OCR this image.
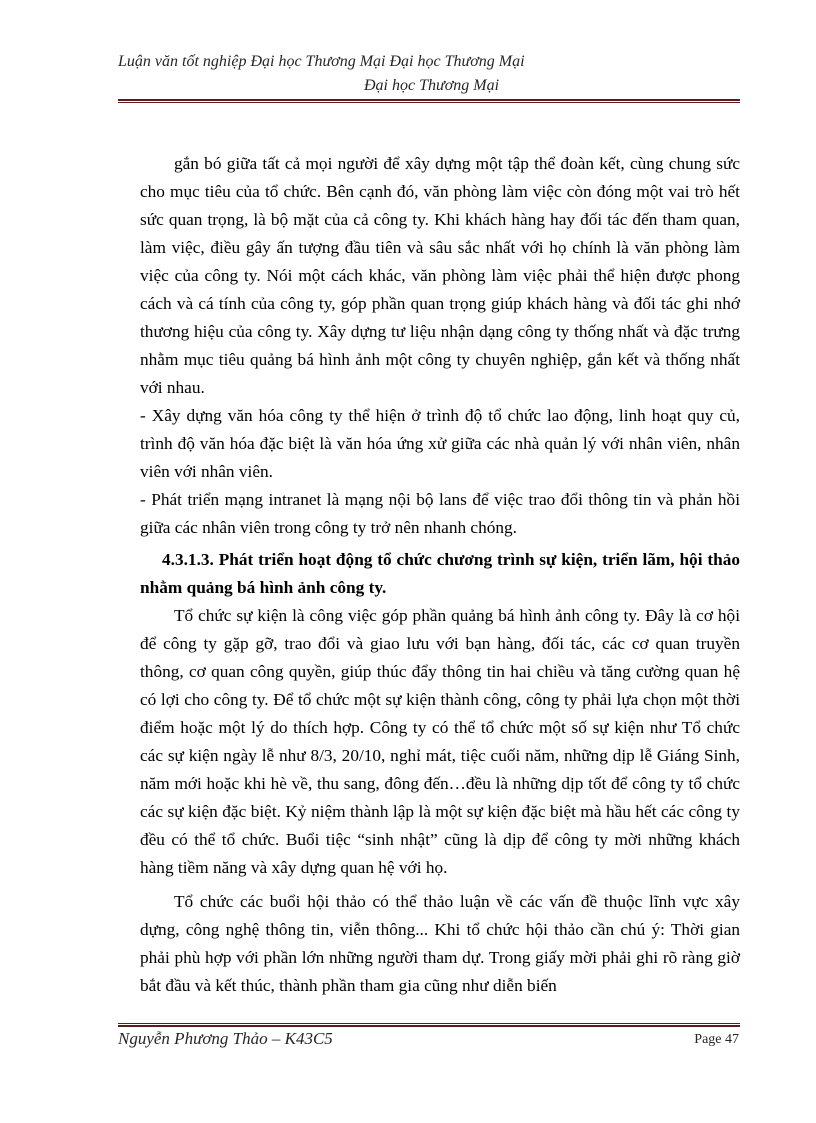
Luận văn tốt nghiệp Đại học Thương Mại Đại học Thương Mại
Đại học Thương Mại

gắn bó giữa tất cả mọi người để xây dựng một tập thể đoàn kết, cùng chung sức cho mục tiêu của tổ chức. Bên cạnh đó, văn phòng làm việc còn đóng một vai trò hết sức quan trọng, là bộ mặt của cả công ty. Khi khách hàng hay đối tác đến tham quan, làm việc, điều gây ấn tượng đầu tiên và sâu sắc nhất với họ chính là văn phòng làm việc của công ty. Nói một cách khác, văn phòng làm việc phải thể hiện được phong cách và cá tính của công ty, góp phần quan trọng giúp khách hàng và đối tác ghi nhớ thương hiệu của công ty. Xây dựng tư liệu nhận dạng công ty thống nhất và đặc trưng nhằm mục tiêu quảng bá hình ảnh một công ty chuyên nghiệp, gắn kết và thống nhất với nhau.

- Xây dựng văn hóa công ty thể hiện ở trình độ tổ chức lao động, linh hoạt quy củ, trình độ văn hóa đặc biệt là văn hóa ứng xử giữa các nhà quản lý với nhân viên, nhân viên với nhân viên.

- Phát triển mạng intranet là mạng nội bộ lans để việc trao đổi thông tin và phản hồi giữa các nhân viên trong công ty trở nên nhanh chóng.

4.3.1.3. Phát triển hoạt động tổ chức chương trình sự kiện, triển lãm, hội thảo nhằm quảng bá hình ảnh công ty.

Tổ chức sự kiện là công việc góp phần quảng bá hình ảnh công ty. Đây là cơ hội để công ty gặp gỡ, trao đổi và giao lưu với bạn hàng, đối tác, các cơ quan truyền thông, cơ quan công quyền, giúp thúc đẩy thông tin hai chiều và tăng cường quan hệ có lợi cho công ty. Để tổ chức một sự kiện thành công, công ty phải lựa chọn một thời điểm hoặc một lý do thích hợp. Công ty có thể tổ chức một số sự kiện như Tổ chức các sự kiện ngày lễ như 8/3, 20/10, nghỉ mát, tiệc cuối năm, những dịp lễ Giáng Sinh, năm mới hoặc khi hè về, thu sang, đông đến…đều là những dịp tốt để công ty tổ chức các sự kiện đặc biệt. Kỷ niệm thành lập là một sự kiện đặc biệt mà hầu hết các công ty đều có thể tổ chức. Buổi tiệc “sinh nhật” cũng là dịp để công ty mời những khách hàng tiềm năng và xây dựng quan hệ với họ.

Tổ chức các buổi hội thảo có thể thảo luận về các vấn đề thuộc lĩnh vực xây dựng, công nghệ thông tin, viễn thông... Khi tổ chức hội thảo cần chú ý: Thời gian phải phù hợp với phần lớn những người tham dự. Trong giấy mời phải ghi rõ ràng giờ bắt đầu và kết thúc, thành phần tham gia cũng như diễn biến

Nguyễn Phương Thảo – K43C5	Page 47
